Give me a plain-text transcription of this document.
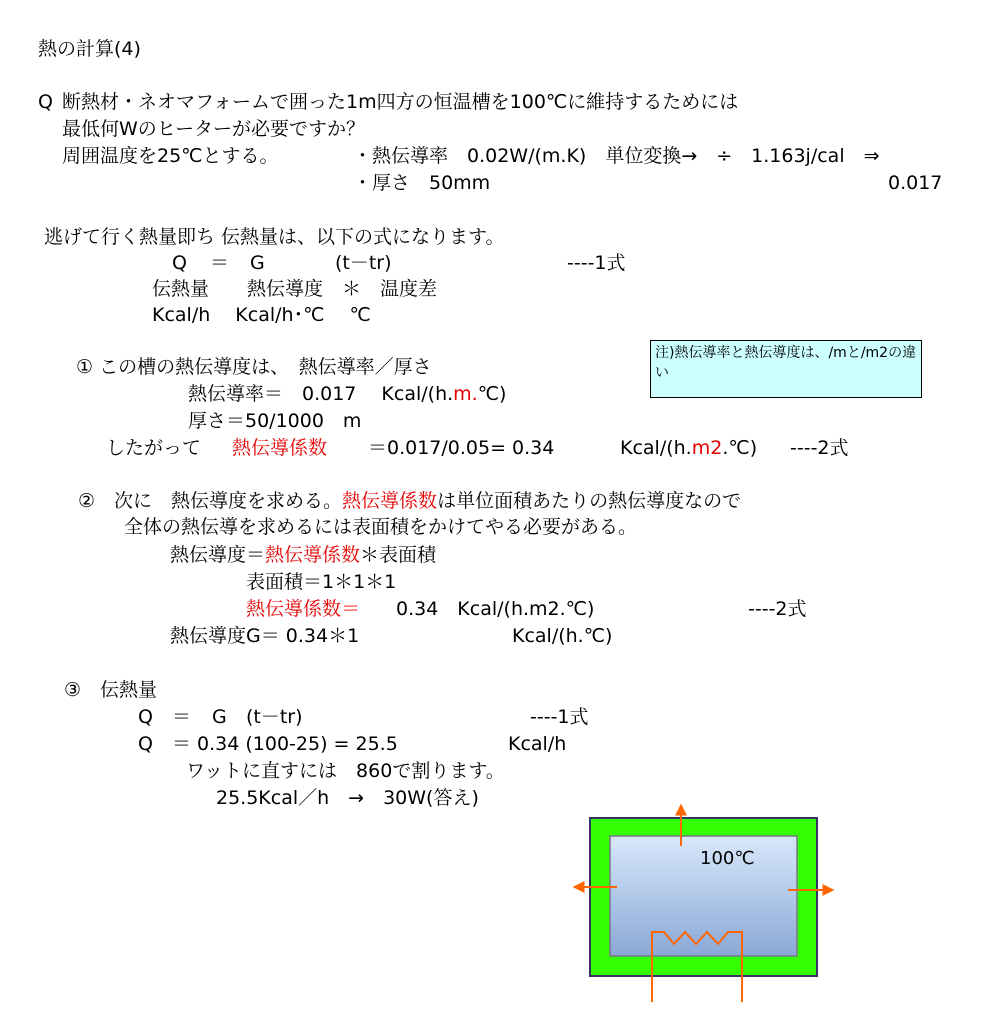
熱の計算(4)
Q 断熱材・ネオマフォームで囲った1m四方の恒温槽を100℃に維持するためには
最低何Wのヒーターが必要ですか？
周囲温度を25℃とする。	・熱伝導率　0.02W/(m.K)　単位変換→　÷　1.163j/cal　⇒
・厚さ　50mm	0.017
逃げて行く熱量即ち 伝熱量は、以下の式になります。
Q ＝ G	(t－tr)	----1式
伝熱量　　熱伝導度　＊　温度差
Kcal/h　 Kcal/h･℃　 ℃
注)熱伝導率と熱伝導度は、/mと/m2の違い
① この槽の熱伝導度は、　熱伝導率／厚さ
熱伝導率＝　0.017　 Kcal/(h.m.℃)
厚さ＝50/1000　m
したがって 熱伝導係数 ＝0.017/0.05= 0.34	Kcal/(h.m2.℃) ----2式
②　次に　熱伝導度を求める。熱伝導係数は単位面積あたりの熱伝導度なので
全体の熱伝導を求めるには表面積をかけてやる必要がある。
熱伝導度＝熱伝導係数＊表面積
表面積＝1＊1＊1
熱伝導係数＝ 0.34　Kcal/(h.m2.℃)	----2式
熱伝導度G＝ 0.34＊1	Kcal/(h.℃)
③　伝熱量
Q ＝ G (t－tr)	----1式
Q ＝ 0.34 (100-25) = 25.5	Kcal/h
ワットに直すには　860で割ります。
25.5Kcal／h　→　30W(答え)
100℃
